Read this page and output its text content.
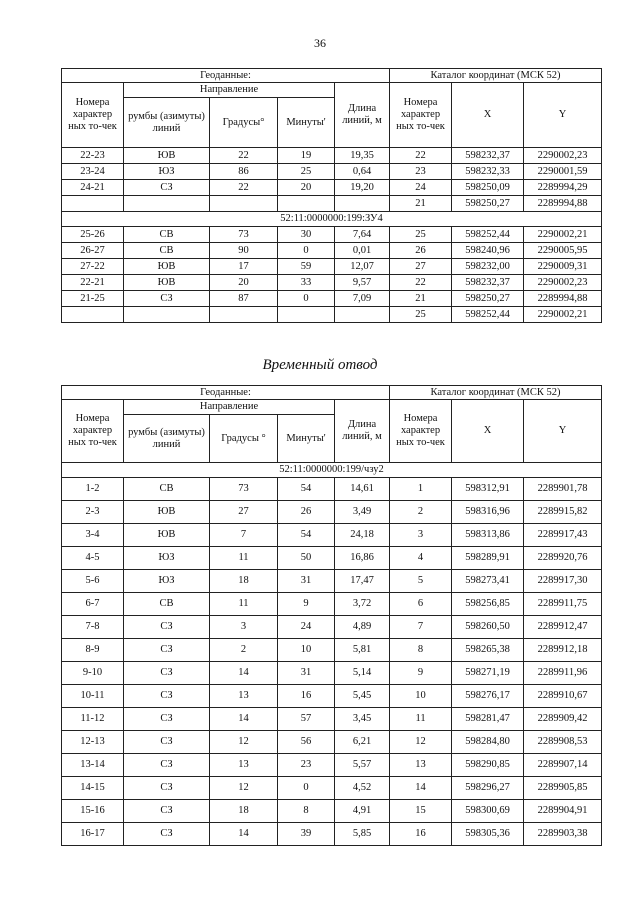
36
Геоданные:					Каталог координат (МСК 52)		
Номера характер ных то-чек	Направление			Длина линий, м	Номера характер ных то-чек	X	Y
	румбы (азимуты) линий	Градусы°	Минуты'				
22-23	ЮВ	22	19	19,35	22	598232,37	2290002,23
23-24	ЮЗ	86	25	0,64	23	598232,33	2290001,59
24-21	СЗ	22	20	19,20	24	598250,09	2289994,29
					21	598250,27	2289994,88
52:11:0000000:199:ЗУ4							
25-26	СВ	73	30	7,64	25	598252,44	2290002,21
26-27	СВ	90	0	0,01	26	598240,96	2290005,95
27-22	ЮВ	17	59	12,07	27	598232,00	2290009,31
22-21	ЮВ	20	33	9,57	22	598232,37	2290002,23
21-25	СЗ	87	0	7,09	21	598250,27	2289994,88
					25	598252,44	2290002,21
Временный отвод
Геоданные:					Каталог координат (МСК 52)		
Номера характер ных то-чек	Направление			Длина линий, м	Номера характер ных то-чек	X	Y
	румбы (азимуты) линий	Градусы °	Минуты'				
52:11:0000000:199/чзу2							
1-2	СВ	73	54	14,61	1	598312,91	2289901,78
2-3	ЮВ	27	26	3,49	2	598316,96	2289915,82
3-4	ЮВ	7	54	24,18	3	598313,86	2289917,43
4-5	ЮЗ	11	50	16,86	4	598289,91	2289920,76
5-6	ЮЗ	18	31	17,47	5	598273,41	2289917,30
6-7	СВ	11	9	3,72	6	598256,85	2289911,75
7-8	СЗ	3	24	4,89	7	598260,50	2289912,47
8-9	СЗ	2	10	5,81	8	598265,38	2289912,18
9-10	СЗ	14	31	5,14	9	598271,19	2289911,96
10-11	СЗ	13	16	5,45	10	598276,17	2289910,67
11-12	СЗ	14	57	3,45	11	598281,47	2289909,42
12-13	СЗ	12	56	6,21	12	598284,80	2289908,53
13-14	СЗ	13	23	5,57	13	598290,85	2289907,14
14-15	СЗ	12	0	4,52	14	598296,27	2289905,85
15-16	СЗ	18	8	4,91	15	598300,69	2289904,91
16-17	СЗ	14	39	5,85	16	598305,36	2289903,38
